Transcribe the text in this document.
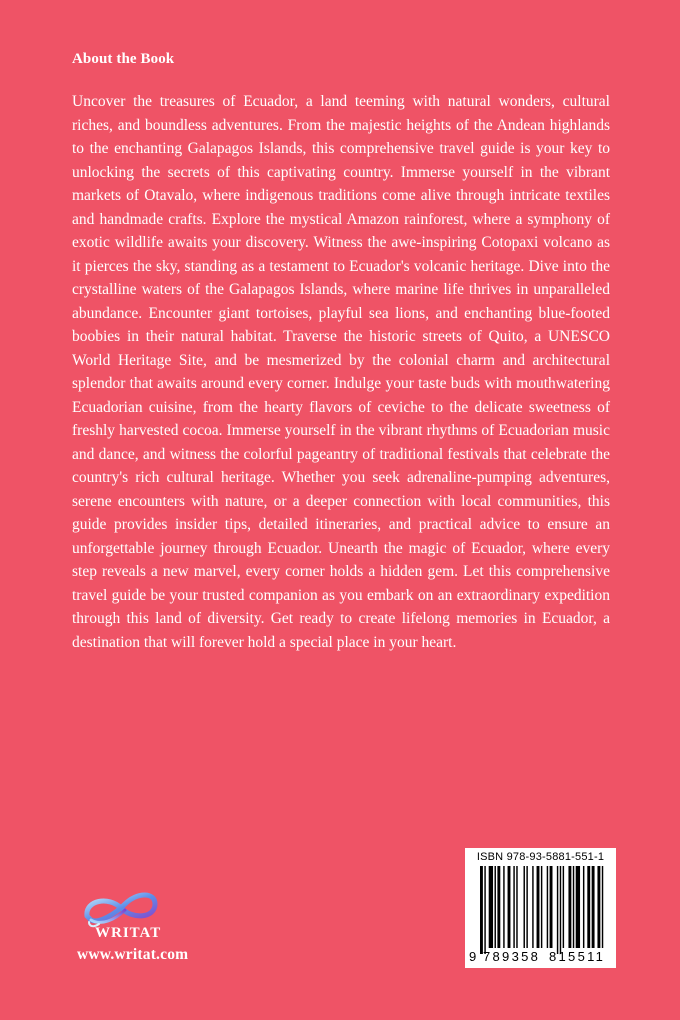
About the Book

Uncover the treasures of Ecuador, a land teeming with natural wonders, cultural riches, and boundless adventures. From the majestic heights of the Andean highlands to the enchanting Galapagos Islands, this comprehensive travel guide is your key to unlocking the secrets of this captivating country. Immerse yourself in the vibrant markets of Otavalo, where indigenous traditions come alive through intricate textiles and handmade crafts. Explore the mystical Amazon rainforest, where a symphony of exotic wildlife awaits your discovery. Witness the awe-inspiring Cotopaxi volcano as it pierces the sky, standing as a testament to Ecuador's volcanic heritage. Dive into the crystalline waters of the Galapagos Islands, where marine life thrives in unparalleled abundance. Encounter giant tortoises, playful sea lions, and enchanting blue-footed boobies in their natural habitat. Traverse the historic streets of Quito, a UNESCO World Heritage Site, and be mesmerized by the colonial charm and architectural splendor that awaits around every corner. Indulge your taste buds with mouthwatering Ecuadorian cuisine, from the hearty flavors of ceviche to the delicate sweetness of freshly harvested cocoa. Immerse yourself in the vibrant rhythms of Ecuadorian music and dance, and witness the colorful pageantry of traditional festivals that celebrate the country's rich cultural heritage. Whether you seek adrenaline-pumping adventures, serene encounters with nature, or a deeper connection with local communities, this guide provides insider tips, detailed itineraries, and practical advice to ensure an unforgettable journey through Ecuador. Unearth the magic of Ecuador, where every step reveals a new marvel, every corner holds a hidden gem. Let this comprehensive travel guide be your trusted companion as you embark on an extraordinary expedition through this land of diversity. Get ready to create lifelong memories in Ecuador, a destination that will forever hold a special place in your heart.

WRITAT
www.writat.com
ISBN 978-93-5881-551-1
9 789358 815511
